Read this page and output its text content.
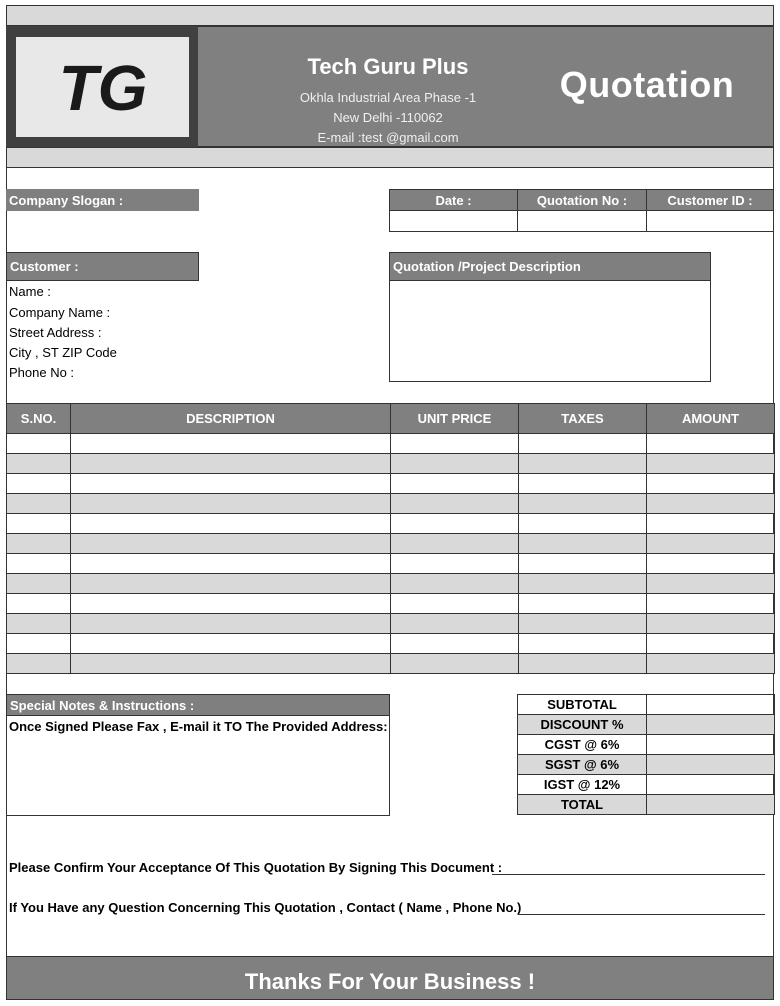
TG	Tech Guru Plus
Okhla Industrial Area Phase -1
New Delhi -110062
E-mail :test @gmail.com
Quotation
Company Slogan :	Date :	Quotation No :	Customer ID :
Customer :
Name :
Company Name :
Street Address :
City , ST ZIP Code
Phone No :
Quotation /Project Description
S.NO.	DESCRIPTION	UNIT PRICE	TAXES	AMOUNT

Special Notes & Instructions :
Once Signed Please Fax , E-mail it TO The Provided Address:
SUBTOTAL	
DISCOUNT %	
CGST @ 6%	
SGST @ 6%	
IGST @ 12%	
TOTAL	
Please Confirm Your Acceptance Of This Quotation By Signing This Document :
If You Have any Question Concerning This Quotation , Contact ( Name , Phone No.)
Thanks For Your Business !
